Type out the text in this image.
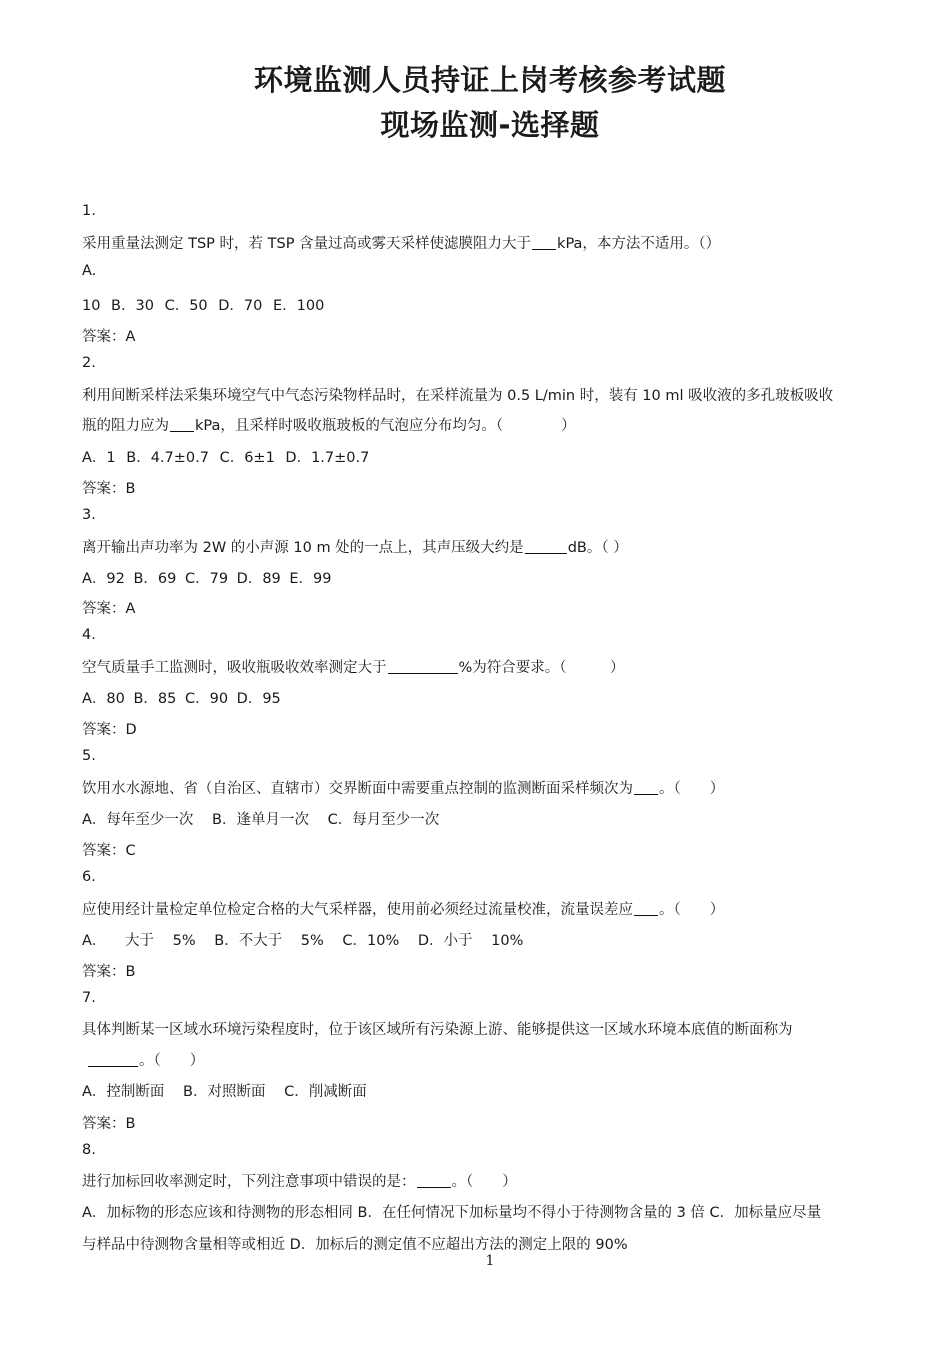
环境监测人员持证上岗考核参考试题
现场监测-选择题
1.
采用重量法测定 TSP 时，若 TSP 含量过高或雾天采样使滤膜阻力大于 kPa，本方法不适用。（）
A.
10 B．30 C．50 D．70 E．100
答案：A
2.
利用间断采样法采集环境空气中气态污染物样品时，在采样流量为 0.5 L/min 时，装有 10 ml 吸收液的多孔玻板吸收
瓶的阻力应为 kPa，且采样时吸收瓶玻板的气泡应分布均匀。（　　　　）
A．1 B．4.7±0.7 C．6±1 D．1.7±0.7
答案：B
3.
离开输出声功率为 2W 的小声源 10 m 处的一点上，其声压级大约是	dB。（ ）
A．92 B．69 C．79 D．89 E．99
答案：A
4.
空气质量手工监测时，吸收瓶吸收效率测定大于	%为符合要求。（　　　）
A．80 B．85 C．90 D．95
答案：D
5.
饮用水水源地、省（自治区、直辖市）交界断面中需要重点控制的监测断面采样频次为 。（　　）
A．每年至少一次 B．逢单月一次 C．每月至少一次
答案：C
6.
应使用经计量检定单位检定合格的大气采样器，使用前必须经过流量校准，流量误差应 。（　　）
A． 大于 5% B．不大于 5% C．10% D．小于 10%
答案：B
7.
具体判断某一区域水环境污染程度时，位于该区域所有污染源上游、能够提供这一区域水环境本底值的断面称为
。（　　）
A．控制断面 B．对照断面 C．削减断面
答案：B
8.
进行加标回收率测定时，下列注意事项中错误的是： 。（　　）
A．加标物的形态应该和待测物的形态相同 B．在任何情况下加标量均不得小于待测物含量的 3 倍 C．加标量应尽量
与样品中待测物含量相等或相近 D．加标后的测定值不应超出方法的测定上限的 90%
1
